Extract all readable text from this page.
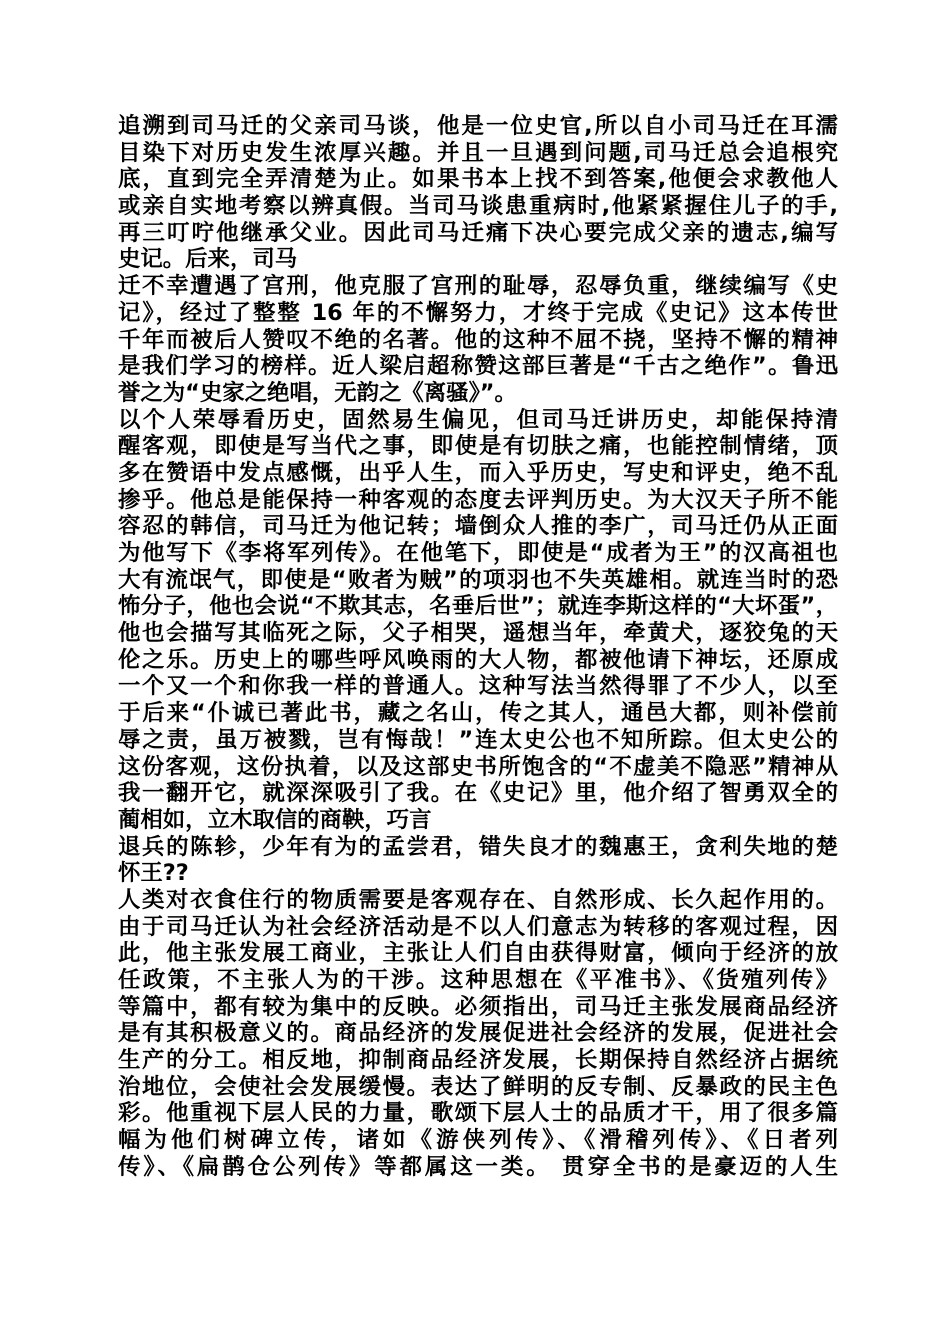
追溯到司马迁的父亲司马谈，他是一位史官,所以自小司马迁在耳濡
目染下对历史发生浓厚兴趣。并且一旦遇到问题,司马迁总会追根究
底，直到完全弄清楚为止。如果书本上找不到答案,他便会求教他人
或亲自实地考察以辨真假。当司马谈患重病时,他紧紧握住儿子的手,
再三叮咛他继承父业。因此司马迁痛下决心要完成父亲的遗志,编写
史记。后来，司马
迁不幸遭遇了宫刑，他克服了宫刑的耻辱，忍辱负重，继续编写《史
记》，经过了整整 16 年的不懈努力，才终于完成《史记》这本传世
千年而被后人赞叹不绝的名著。他的这种不屈不挠，坚持不懈的精神
是我们学习的榜样。近人梁启超称赞这部巨著是“千古之绝作”。鲁迅
誉之为“史家之绝唱，无韵之《离骚》”。
以个人荣辱看历史，固然易生偏见，但司马迁讲历史，却能保持清
醒客观，即使是写当代之事，即使是有切肤之痛，也能控制情绪，顶
多在赞语中发点感慨，出乎人生，而入乎历史，写史和评史，绝不乱
掺乎。他总是能保持一种客观的态度去评判历史。为大汉天子所不能
容忍的韩信，司马迁为他记转；墙倒众人推的李广，司马迁仍从正面
为他写下《李将军列传》。在他笔下，即使是“成者为王”的汉高祖也
大有流氓气，即使是“败者为贼”的项羽也不失英雄相。就连当时的恐
怖分子，他也会说“不欺其志，名垂后世”；就连李斯这样的“大坏蛋”，
他也会描写其临死之际，父子相哭，遥想当年，牵黄犬，逐狡兔的天
伦之乐。历史上的哪些呼风唤雨的大人物，都被他请下神坛，还原成
一个又一个和你我一样的普通人。这种写法当然得罪了不少人，以至
于后来“仆诚已著此书，藏之名山，传之其人，通邑大都，则补偿前
辱之责，虽万被戮，岂有悔哉！”连太史公也不知所踪。但太史公的
这份客观，这份执着，以及这部史书所饱含的“不虚美不隐恶”精神从
我一翻开它，就深深吸引了我。在《史记》里，他介绍了智勇双全的
蔺相如，立木取信的商鞅，巧言
退兵的陈轸，少年有为的孟尝君，错失良才的魏惠王，贪利失地的楚
怀王??
人类对衣食住行的物质需要是客观存在、自然形成、长久起作用的。
由于司马迁认为社会经济活动是不以人们意志为转移的客观过程，因
此，他主张发展工商业，主张让人们自由获得财富，倾向于经济的放
任政策，不主张人为的干涉。这种思想在《平准书》、《货殖列传》
等篇中，都有较为集中的反映。必须指出，司马迁主张发展商品经济
是有其积极意义的。商品经济的发展促进社会经济的发展，促进社会
生产的分工。相反地，抑制商品经济发展，长期保持自然经济占据统
治地位，会使社会发展缓慢。表达了鲜明的反专制、反暴政的民主色
彩。他重视下层人民的力量，歌颂下层人士的品质才干，用了很多篇
幅为他们树碑立传，诸如《游侠列传》、《滑稽列传》、《日者列
传》、《扁鹊仓公列传》等都属这一类。 贯穿全书的是豪迈的人生
